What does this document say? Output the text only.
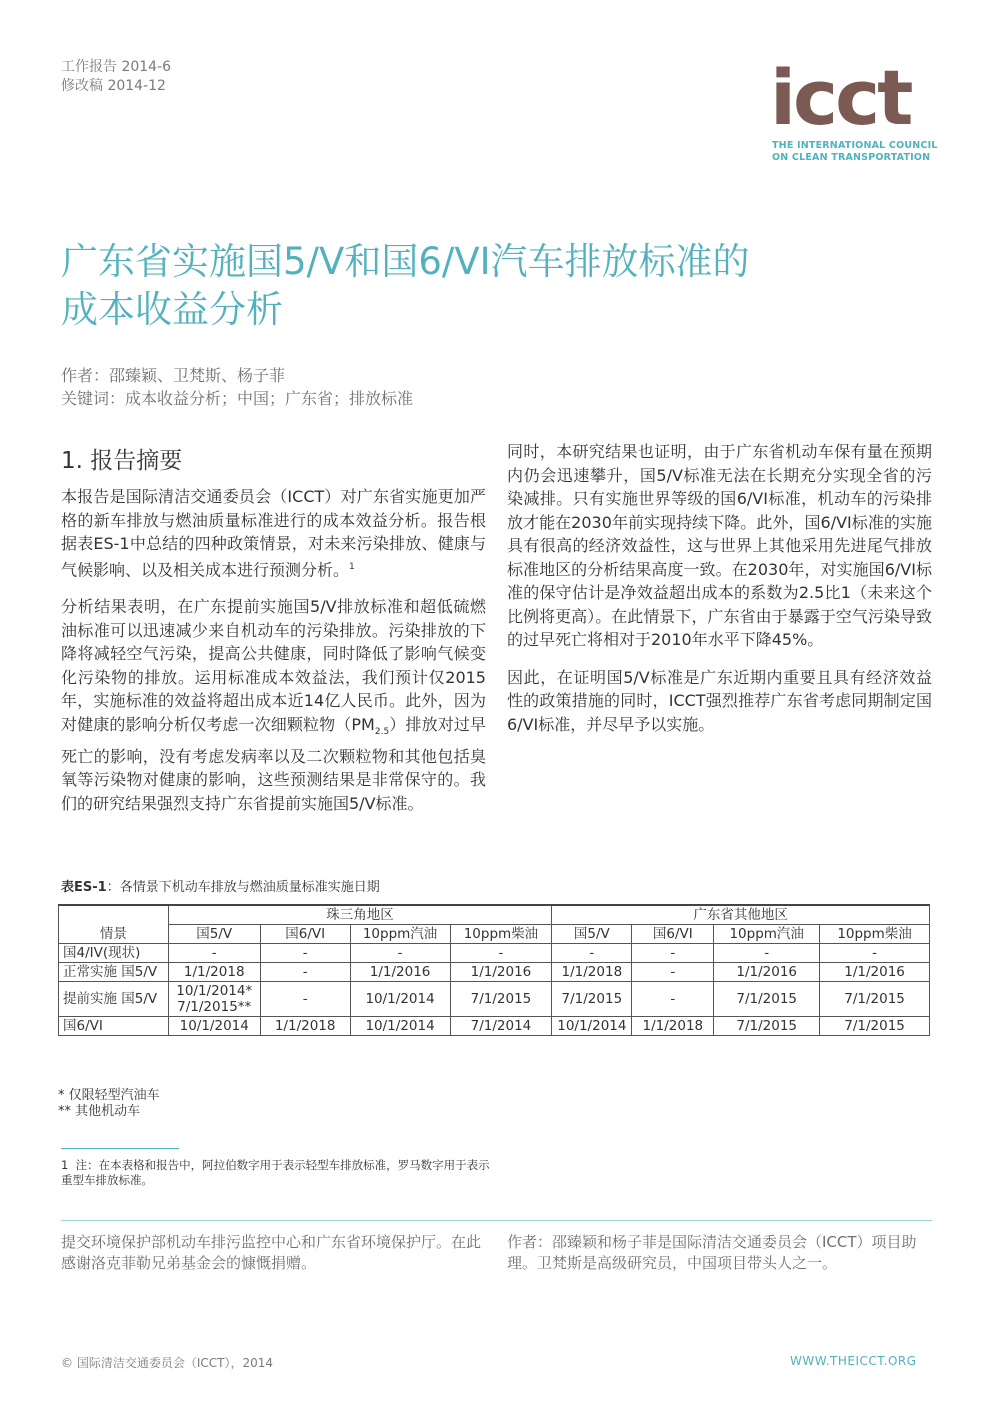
工作报告 2014-6
修改稿 2014-12	icct
THE INTERNATIONAL COUNCIL
ON CLEAN TRANSPORTATION
广东省实施国5/V和国6/VI汽车排放标准的
成本收益分析
作者：邵臻颖、卫梵斯、杨子菲
关键词：成本收益分析；中国；广东省；排放标准
1. 报告摘要

本报告是国际清洁交通委员会（ICCT）对广东省实施更加严格的新车排放与燃油质量标准进行的成本效益分析。报告根据表ES-1中总结的四种政策情景，对未来污染排放、健康与气候影响、以及相关成本进行预测分析。$^1$

分析结果表明，在广东提前实施国5/V排放标准和超低硫燃油标准可以迅速减少来自机动车的污染排放。污染排放的下降将减轻空气污染，提高公共健康，同时降低了影响气候变化污染物的排放。运用标准成本效益法，我们预计仅2015年，实施标准的效益将超出成本近14亿人民币。此外，因为对健康的影响分析仅考虑一次细颗粒物$(PM_{2.5})$排放对过早死亡的影响，没有考虑发病率以及二次颗粒物和其他包括臭氧等污染物对健康的影响，这些预测结果是非常保守的。我们的研究结果强烈支持广东省提前实施国5/V标准。

同时，本研究结果也证明，由于广东省机动车保有量在预期内仍会迅速攀升，国5/V标准无法在长期充分实现全省的污染减排。只有实施世界等级的国6/VI标准，机动车的污染排放才能在2030年前实现持续下降。此外，国6/VI标准的实施具有很高的经济效益性，这与世界上其他采用先进尾气排放标准地区的分析结果高度一致。在2030年，对实施国6/VI标准的保守估计是净效益超出成本的系数为2.5比1（未来这个比例将更高）。在此情景下，广东省由于暴露于空气污染导致的过早死亡将相对于2010年水平下降45%。

因此，在证明国5/V标准是广东近期内重要且具有经济效益性的政策措施的同时，ICCT强烈推荐广东省考虑同期制定国6/VI标准，并尽早予以实施。

表ES-1：各情景下机动车排放与燃油质量标准实施日期
情景	珠三角地区				广东省其他地区			
	国5/V	国6/VI	10ppm汽油	10ppm柴油	国5/V	国6/VI	10ppm汽油	10ppm柴油
国4/IV(现状)	-	-	-	-	-	-	-	-
正常实施 国5/V	1/1/2018	-	1/1/2016	1/1/2016	1/1/2018	-	1/1/2016	1/1/2016
提前实施 国5/V	10/1/2014* 7/1/2015**	-	10/1/2014	7/1/2015	7/1/2015	-	7/1/2015	7/1/2015
国6/VI	10/1/2014	1/1/2018	10/1/2014	7/1/2014	10/1/2014	1/1/2018	7/1/2015	7/1/2015
* 仅限轻型汽油车
** 其他机动车
1 注：在本表格和报告中，阿拉伯数字用于表示轻型车排放标准，罗马数字用于表示重型车排放标准。
提交环境保护部机动车排污监控中心和广东省环境保护厅。在此感谢洛克菲勒兄弟基金会的慷慨捐赠。
作者：邵臻颖和杨子菲是国际清洁交通委员会（ICCT）项目助理。卫梵斯是高级研究员，中国项目带头人之一。
© 国际清洁交通委员会（ICCT），2014	WWW.THEICCT.ORG
